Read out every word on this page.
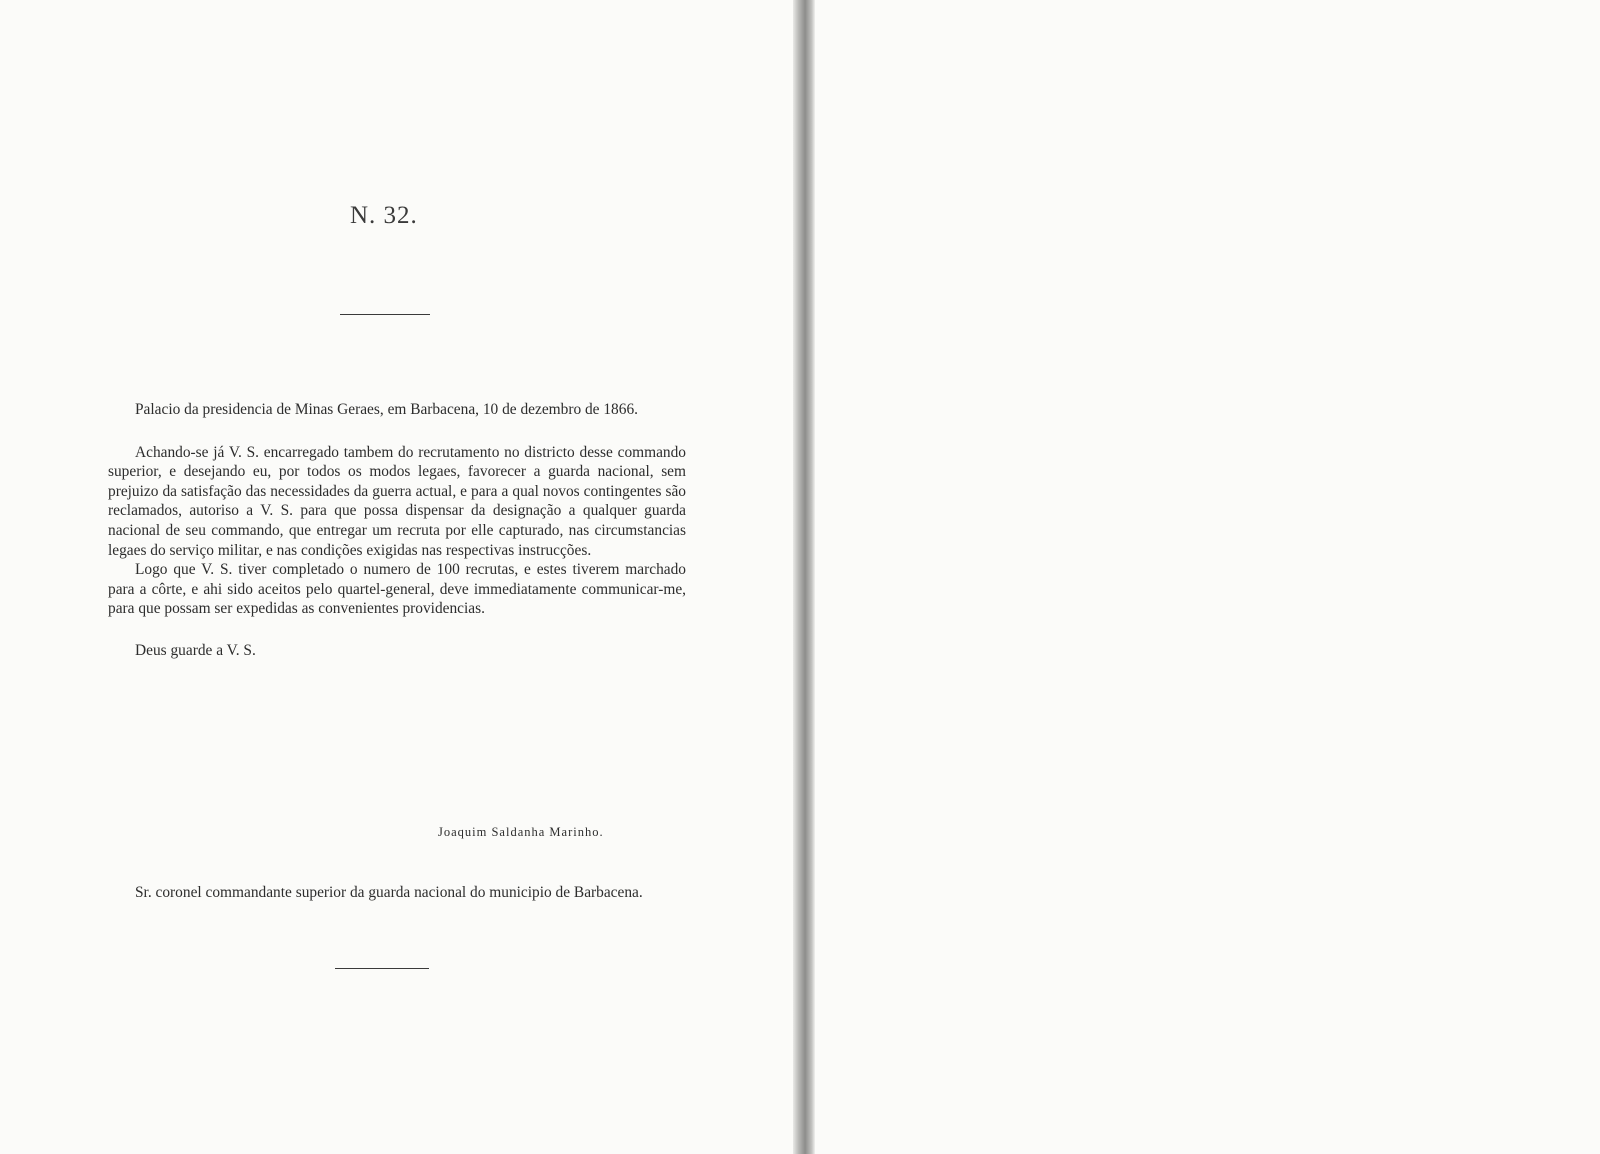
N. 32.

Palacio da presidencia de Minas Geraes, em Barbacena, 10 de dezembro de 1866.

Achando-se já V. S. encarregado tambem do recrutamento no districto desse commando superior, e desejando eu, por todos os modos legaes, favorecer a guarda nacional, sem prejuizo da satisfação das necessidades da guerra actual, e para a qual novos contingentes são reclamados, autoriso a V. S. para que possa dispensar da designação a qualquer guarda nacional de seu commando, que entregar um recruta por elle capturado, nas circumstancias legaes do serviço militar, e nas condições exigidas nas respectivas instrucções.

Logo que V. S. tiver completado o numero de 100 recrutas, e estes tiverem marchado para a côrte, e ahi sido aceitos pelo quartel-general, deve immediatamente communicar-me, para que possam ser expedidas as convenientes providencias.

Deus guarde a V. S.

Joaquim Saldanha Marinho.

Sr. coronel commandante superior da guarda nacional do municipio de Barbacena.
